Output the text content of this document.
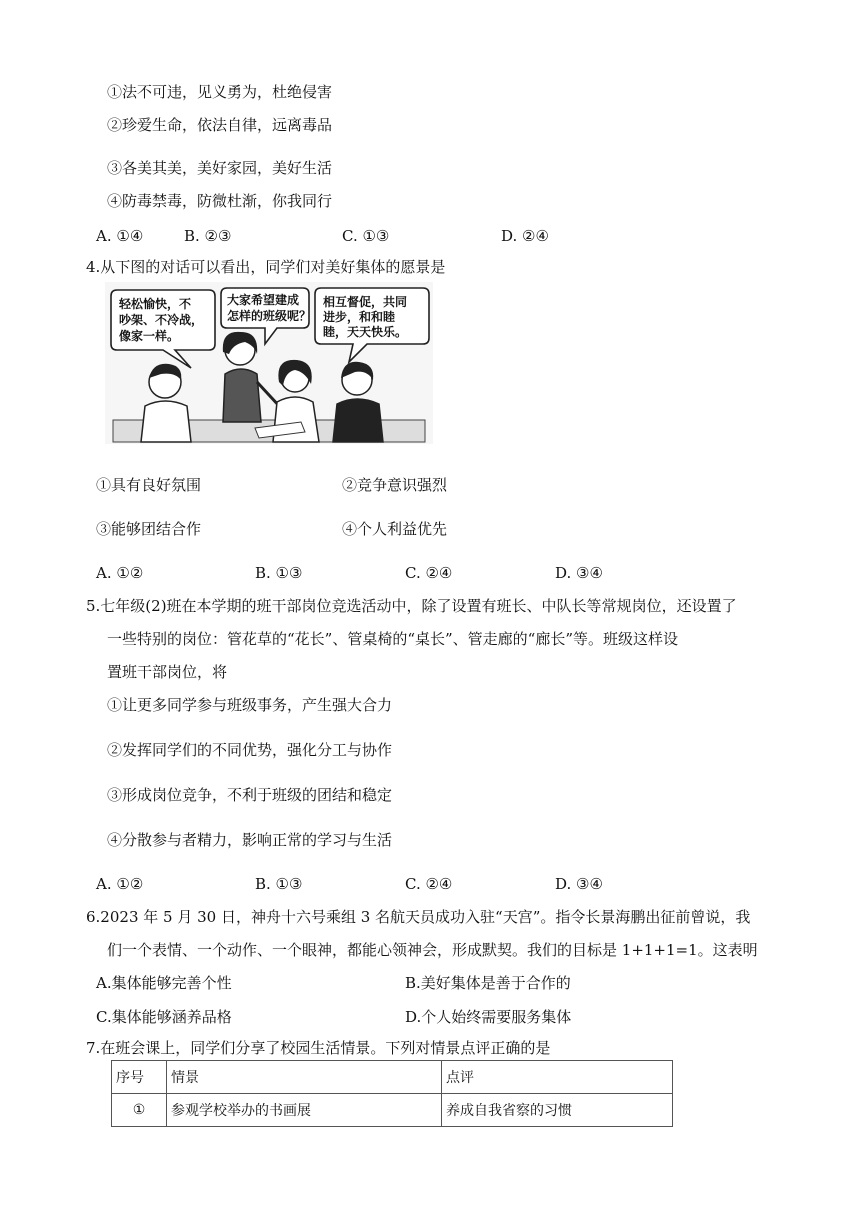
①法不可违，见义勇为，杜绝侵害
②珍爱生命，依法自律，远离毒品
③各美其美，美好家园，美好生活
④防毒禁毒，防微杜渐，你我同行
A. ①④	B. ②③	C. ①③	D. ②④
4.从下图的对话可以看出，同学们对美好集体的愿景是
轻松愉快，不吵架、不冷战，像家一样。
大家希望建成怎样的班级呢？
相互督促，共同进步，和和睦睦，天天快乐。
①具有良好氛围	②竞争意识强烈
③能够团结合作	④个人利益优先
A. ①②	B. ①③	C. ②④	D. ③④
5.七年级(2)班在本学期的班干部岗位竞选活动中，除了设置有班长、中队长等常规岗位，还设置了
一些特别的岗位：管花草的“花长”、管桌椅的“桌长”、管走廊的“廊长”等。班级这样设
置班干部岗位，将
①让更多同学参与班级事务，产生强大合力
②发挥同学们的不同优势，强化分工与协作
③形成岗位竞争，不利于班级的团结和稳定
④分散参与者精力，影响正常的学习与生活
A. ①②	B. ①③	C. ②④	D. ③④
6.2023 年 5 月 30 日，神舟十六号乘组 3 名航天员成功入驻“天宫”。指令长景海鹏出征前曾说，我
们一个表情、一个动作、一个眼神，都能心领神会，形成默契。我们的目标是 1+1+1=1。这表明
A.集体能够完善个性	B.美好集体是善于合作的
C.集体能够涵养品格	D.个人始终需要服务集体
7.在班会课上，同学们分享了校园生活情景。下列对情景点评正确的是
序号	情景	点评
①	参观学校举办的书画展	养成自我省察的习惯
